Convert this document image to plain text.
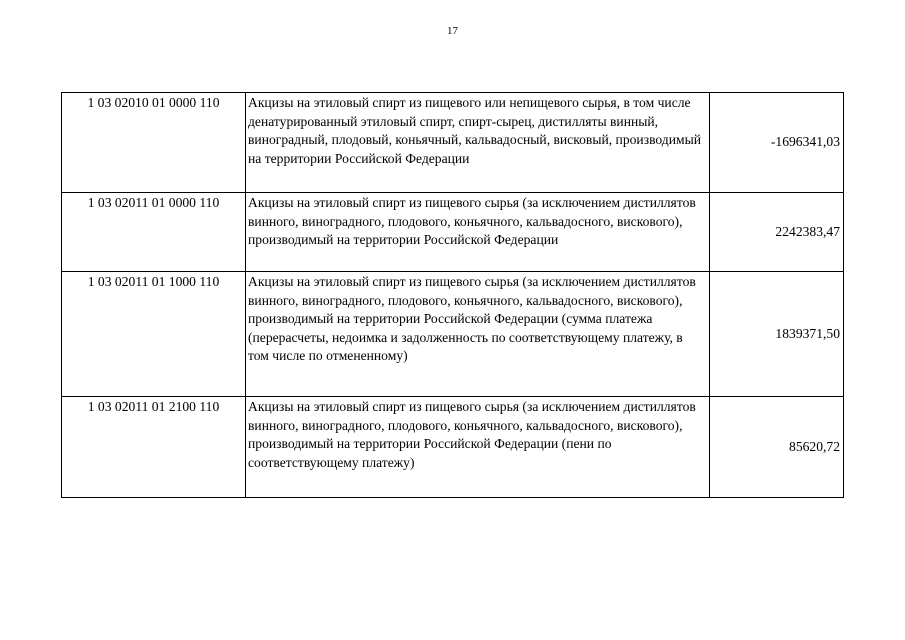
17
1 03 02010 01 0000 110	Акцизы на этиловый спирт из пищевого или непищевого сырья, в том числе денатурированный этиловый спирт, спирт-сырец, дистилляты винный, виноградный, плодовый, коньячный, кальвадосный, висковый, производимый на территории Российской Федерации	-1696341,03
1 03 02011 01 0000 110	Акцизы на этиловый спирт из пищевого сырья (за исключением дистиллятов винного, виноградного, плодового, коньячного, кальвадосного, вискового), производимый на территории Российской Федерации	2242383,47
1 03 02011 01 1000 110	Акцизы на этиловый спирт из пищевого сырья (за исключением дистиллятов винного, виноградного, плодового, коньячного, кальвадосного, вискового), производимый на территории Российской Федерации (сумма платежа (перерасчеты, недоимка и задолженность по соответствующему платежу, в том числе по отмененному)	1839371,50
1 03 02011 01 2100 110	Акцизы на этиловый спирт из пищевого сырья (за исключением дистиллятов винного, виноградного, плодового, коньячного, кальвадосного, вискового), производимый на территории Российской Федерации (пени по соответствующему платежу)	85620,72
